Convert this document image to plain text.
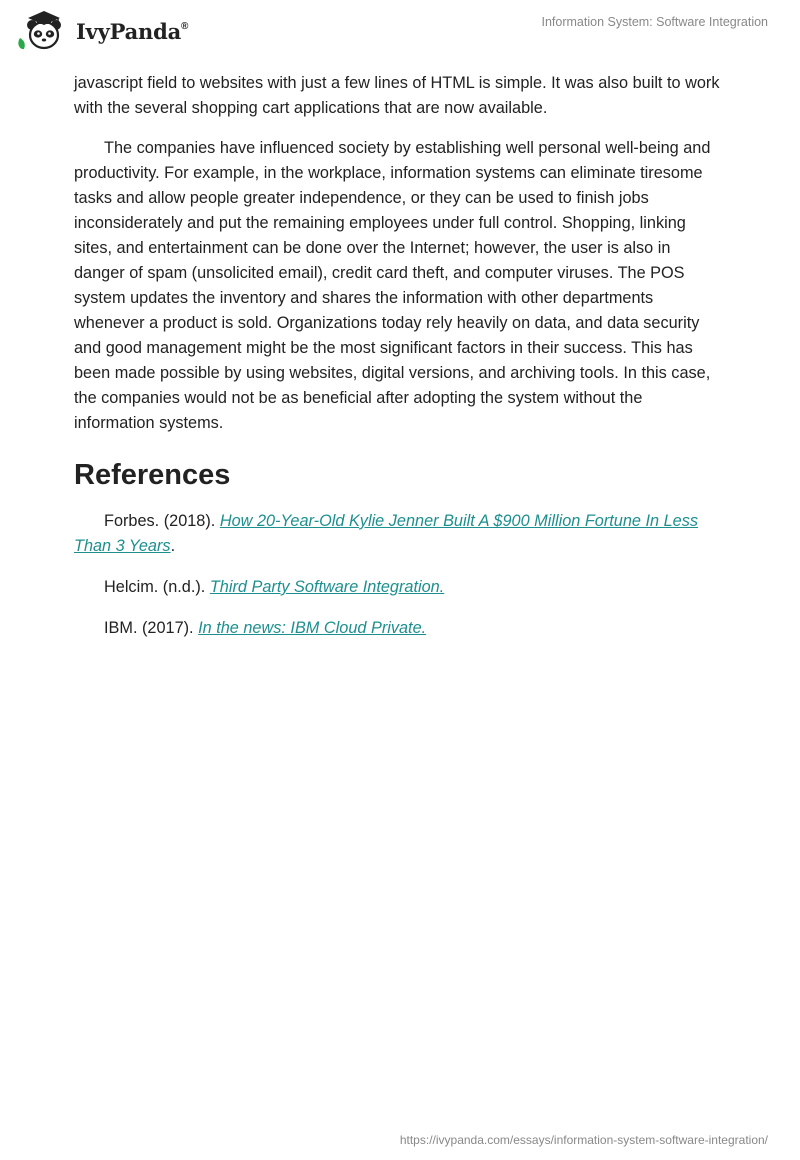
IvyPanda®	Information System: Software Integration

javascript field to websites with just a few lines of HTML is simple. It was also built to work with the several shopping cart applications that are now available.

The companies have influenced society by establishing well personal well-being and productivity. For example, in the workplace, information systems can eliminate tiresome tasks and allow people greater independence, or they can be used to finish jobs inconsiderately and put the remaining employees under full control. Shopping, linking sites, and entertainment can be done over the Internet; however, the user is also in danger of spam (unsolicited email), credit card theft, and computer viruses. The POS system updates the inventory and shares the information with other departments whenever a product is sold. Organizations today rely heavily on data, and data security and good management might be the most significant factors in their success. This has been made possible by using websites, digital versions, and archiving tools. In this case, the companies would not be as beneficial after adopting the system without the information systems.

References

Forbes. (2018). How 20-Year-Old Kylie Jenner Built A $900 Million Fortune In Less Than 3 Years.

Helcim. (n.d.). Third Party Software Integration.

IBM. (2017). In the news: IBM Cloud Private.

https://ivypanda.com/essays/information-system-software-integration/
